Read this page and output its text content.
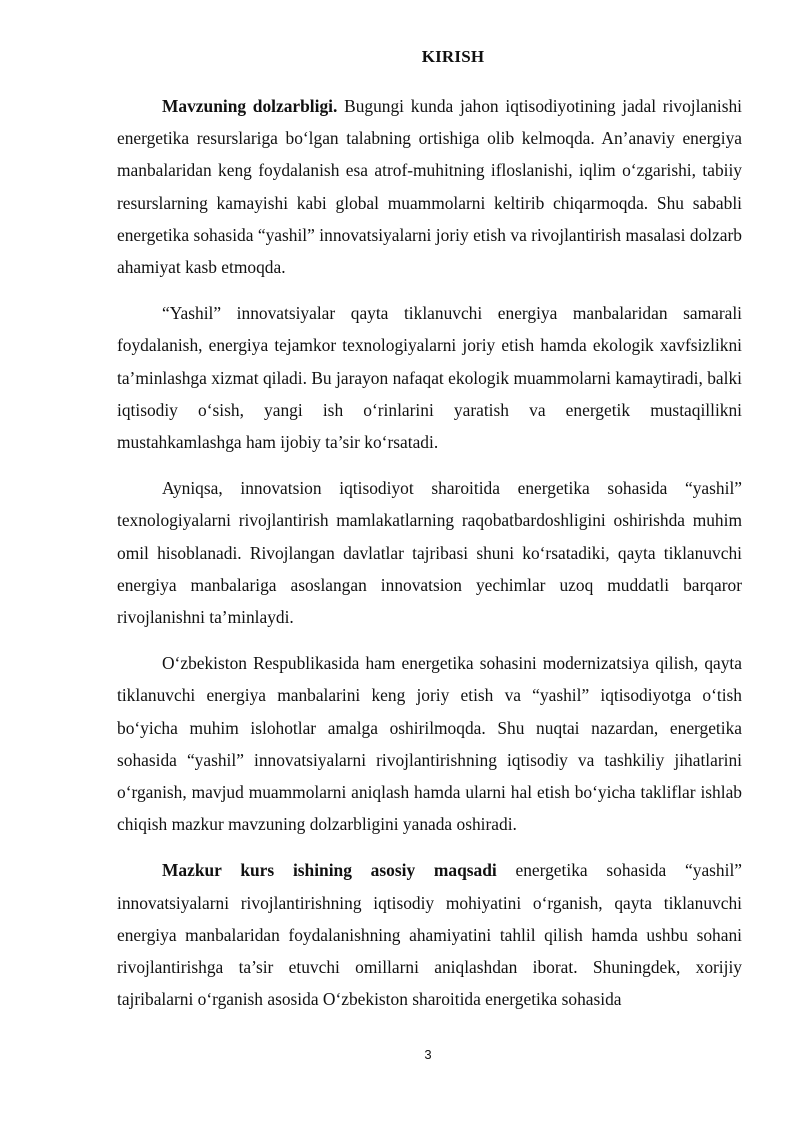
KIRISH

Mavzuning dolzarbligi. Bugungi kunda jahon iqtisodiyotining jadal rivojlanishi energetika resurslariga bo‘lgan talabning ortishiga olib kelmoqda. An’anaviy energiya manbalaridan keng foydalanish esa atrof-muhitning ifloslanishi, iqlim o‘zgarishi, tabiiy resurslarning kamayishi kabi global muammolarni keltirib chiqarmoqda. Shu sababli energetika sohasida “yashil” innovatsiyalarni joriy etish va rivojlantirish masalasi dolzarb ahamiyat kasb etmoqda.

“Yashil” innovatsiyalar qayta tiklanuvchi energiya manbalaridan samarali foydalanish, energiya tejamkor texnologiyalarni joriy etish hamda ekologik xavfsizlikni ta’minlashga xizmat qiladi. Bu jarayon nafaqat ekologik muammolarni kamaytiradi, balki iqtisodiy o‘sish, yangi ish o‘rinlarini yaratish va energetik mustaqillikni mustahkamlashga ham ijobiy ta’sir ko‘rsatadi.

Ayniqsa, innovatsion iqtisodiyot sharoitida energetika sohasida “yashil” texnologiyalarni rivojlantirish mamlakatlarning raqobatbardoshligini oshirishda muhim omil hisoblanadi. Rivojlangan davlatlar tajribasi shuni ko‘rsatadiki, qayta tiklanuvchi energiya manbalariga asoslangan innovatsion yechimlar uzoq muddatli barqaror rivojlanishni ta’minlaydi.

O‘zbekiston Respublikasida ham energetika sohasini modernizatsiya qilish, qayta tiklanuvchi energiya manbalarini keng joriy etish va “yashil” iqtisodiyotga o‘tish bo‘yicha muhim islohotlar amalga oshirilmoqda. Shu nuqtai nazardan, energetika sohasida “yashil” innovatsiyalarni rivojlantirishning iqtisodiy va tashkiliy jihatlarini o‘rganish, mavjud muammolarni aniqlash hamda ularni hal etish bo‘yicha takliflar ishlab chiqish mazkur mavzuning dolzarbligini yanada oshiradi.

Mazkur kurs ishining asosiy maqsadi energetika sohasida “yashil” innovatsiyalarni rivojlantirishning iqtisodiy mohiyatini o‘rganish, qayta tiklanuvchi energiya manbalaridan foydalanishning ahamiyatini tahlil qilish hamda ushbu sohani rivojlantirishga ta’sir etuvchi omillarni aniqlashdan iborat. Shuningdek, xorijiy tajribalarni o‘rganish asosida O‘zbekiston sharoitida energetika sohasida

3
